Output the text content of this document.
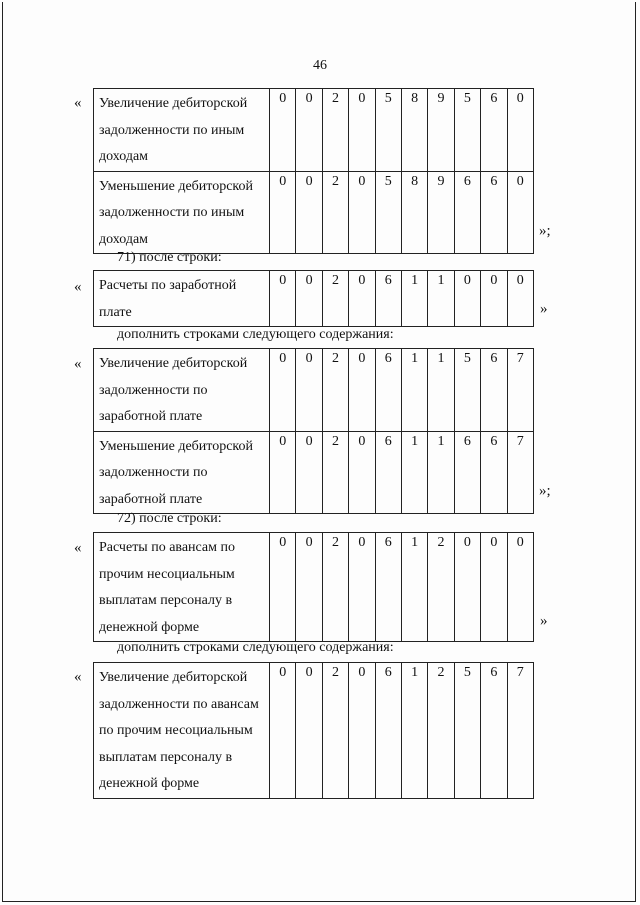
46
« Увеличение дебиторской задолженности по иным доходам	0	0	2	0	5	8	9	5	6	0
Уменьшение дебиторской задолженности по иным доходам	0	0	2	0	5	8	9	6	6	0
»;
71) после строки:
« Расчеты по заработной плате	0	0	2	0	6	1	1	0	0	0
»
дополнить строками следующего содержания:
« Увеличение дебиторской задолженности по заработной плате	0	0	2	0	6	1	1	5	6	7
Уменьшение дебиторской задолженности по заработной плате	0	0	2	0	6	1	1	6	6	7
»;
72) после строки:
« Расчеты по авансам по прочим несоциальным выплатам персоналу в денежной форме	0	0	2	0	6	1	2	0	0	0
»
дополнить строками следующего содержания:
« Увеличение дебиторской задолженности по авансам по прочим несоциальным выплатам персоналу в денежной форме	0	0	2	0	6	1	2	5	6	7
